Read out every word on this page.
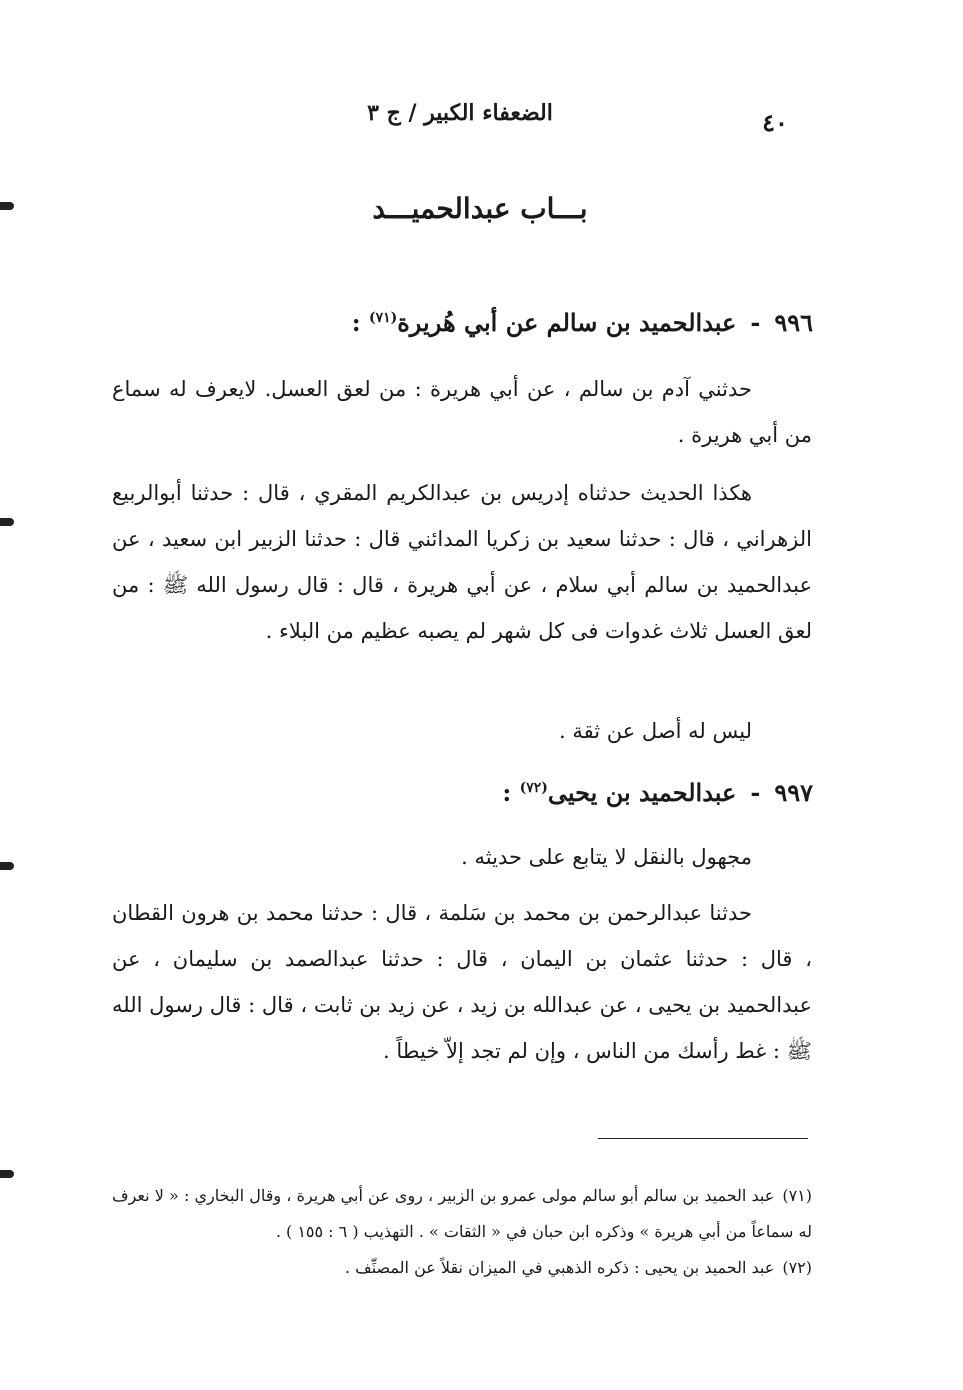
الضعفاء الكبير / ج ٣	٤٠
بـــاب عبدالحميـــد
٩٩٦-عبدالحميد بن سالم عن أبي هُريرة$^{(٧١)}$ :
حدثني آدم بن سالم ، عن أبي هريرة : من لعق العسل. لايعرف له سماع من أبي هريرة .
هكذا الحديث حدثناه إدريس بن عبدالكريم المقري ، قال : حدثنا أبوالربيع الزهراني ، قال : حدثنا سعيد بن زكريا المدائني قال : حدثنا الزبير ابن سعيد ، عن عبدالحميد بن سالم أبي سلام ، عن أبي هريرة ، قال : قال رسول الله ﷺ : من لعق العسل ثلاث غدوات فى كل شهر لم يصبه عظيم من البلاء .
ليس له أصل عن ثقة .
٩٩٧-عبدالحميد بن يحيى$^{(٧٢)}$ :
مجهول بالنقل لا يتابع على حديثه .
حدثنا عبدالرحمن بن محمد بن سَلمة ، قال : حدثنا محمد بن هرون القطان ، قال : حدثنا عثمان بن اليمان ، قال : حدثنا عبدالصمد بن سليمان ، عن عبدالحميد بن يحيى ، عن عبدالله بن زيد ، عن زيد بن ثابت ، قال : قال رسول الله ﷺ : غط رأسك من الناس ، وإن لم تجد إلاّ خيطاً .

(٧١)عبد الحميد بن سالم أبو سالم مولى عمرو بن الزبير ، روى عن أبي هريرة ، وقال البخاري : « لا نعرف له سماعاً من أبي هريرة » وذكره ابن حبان في « الثقات » . التهذيب ( ٦ : ١٥٥ ) .

(٧٢)عبد الحميد بن يحيى : ذكره الذهبي في الميزان نقلاً عن المصنِّف .
